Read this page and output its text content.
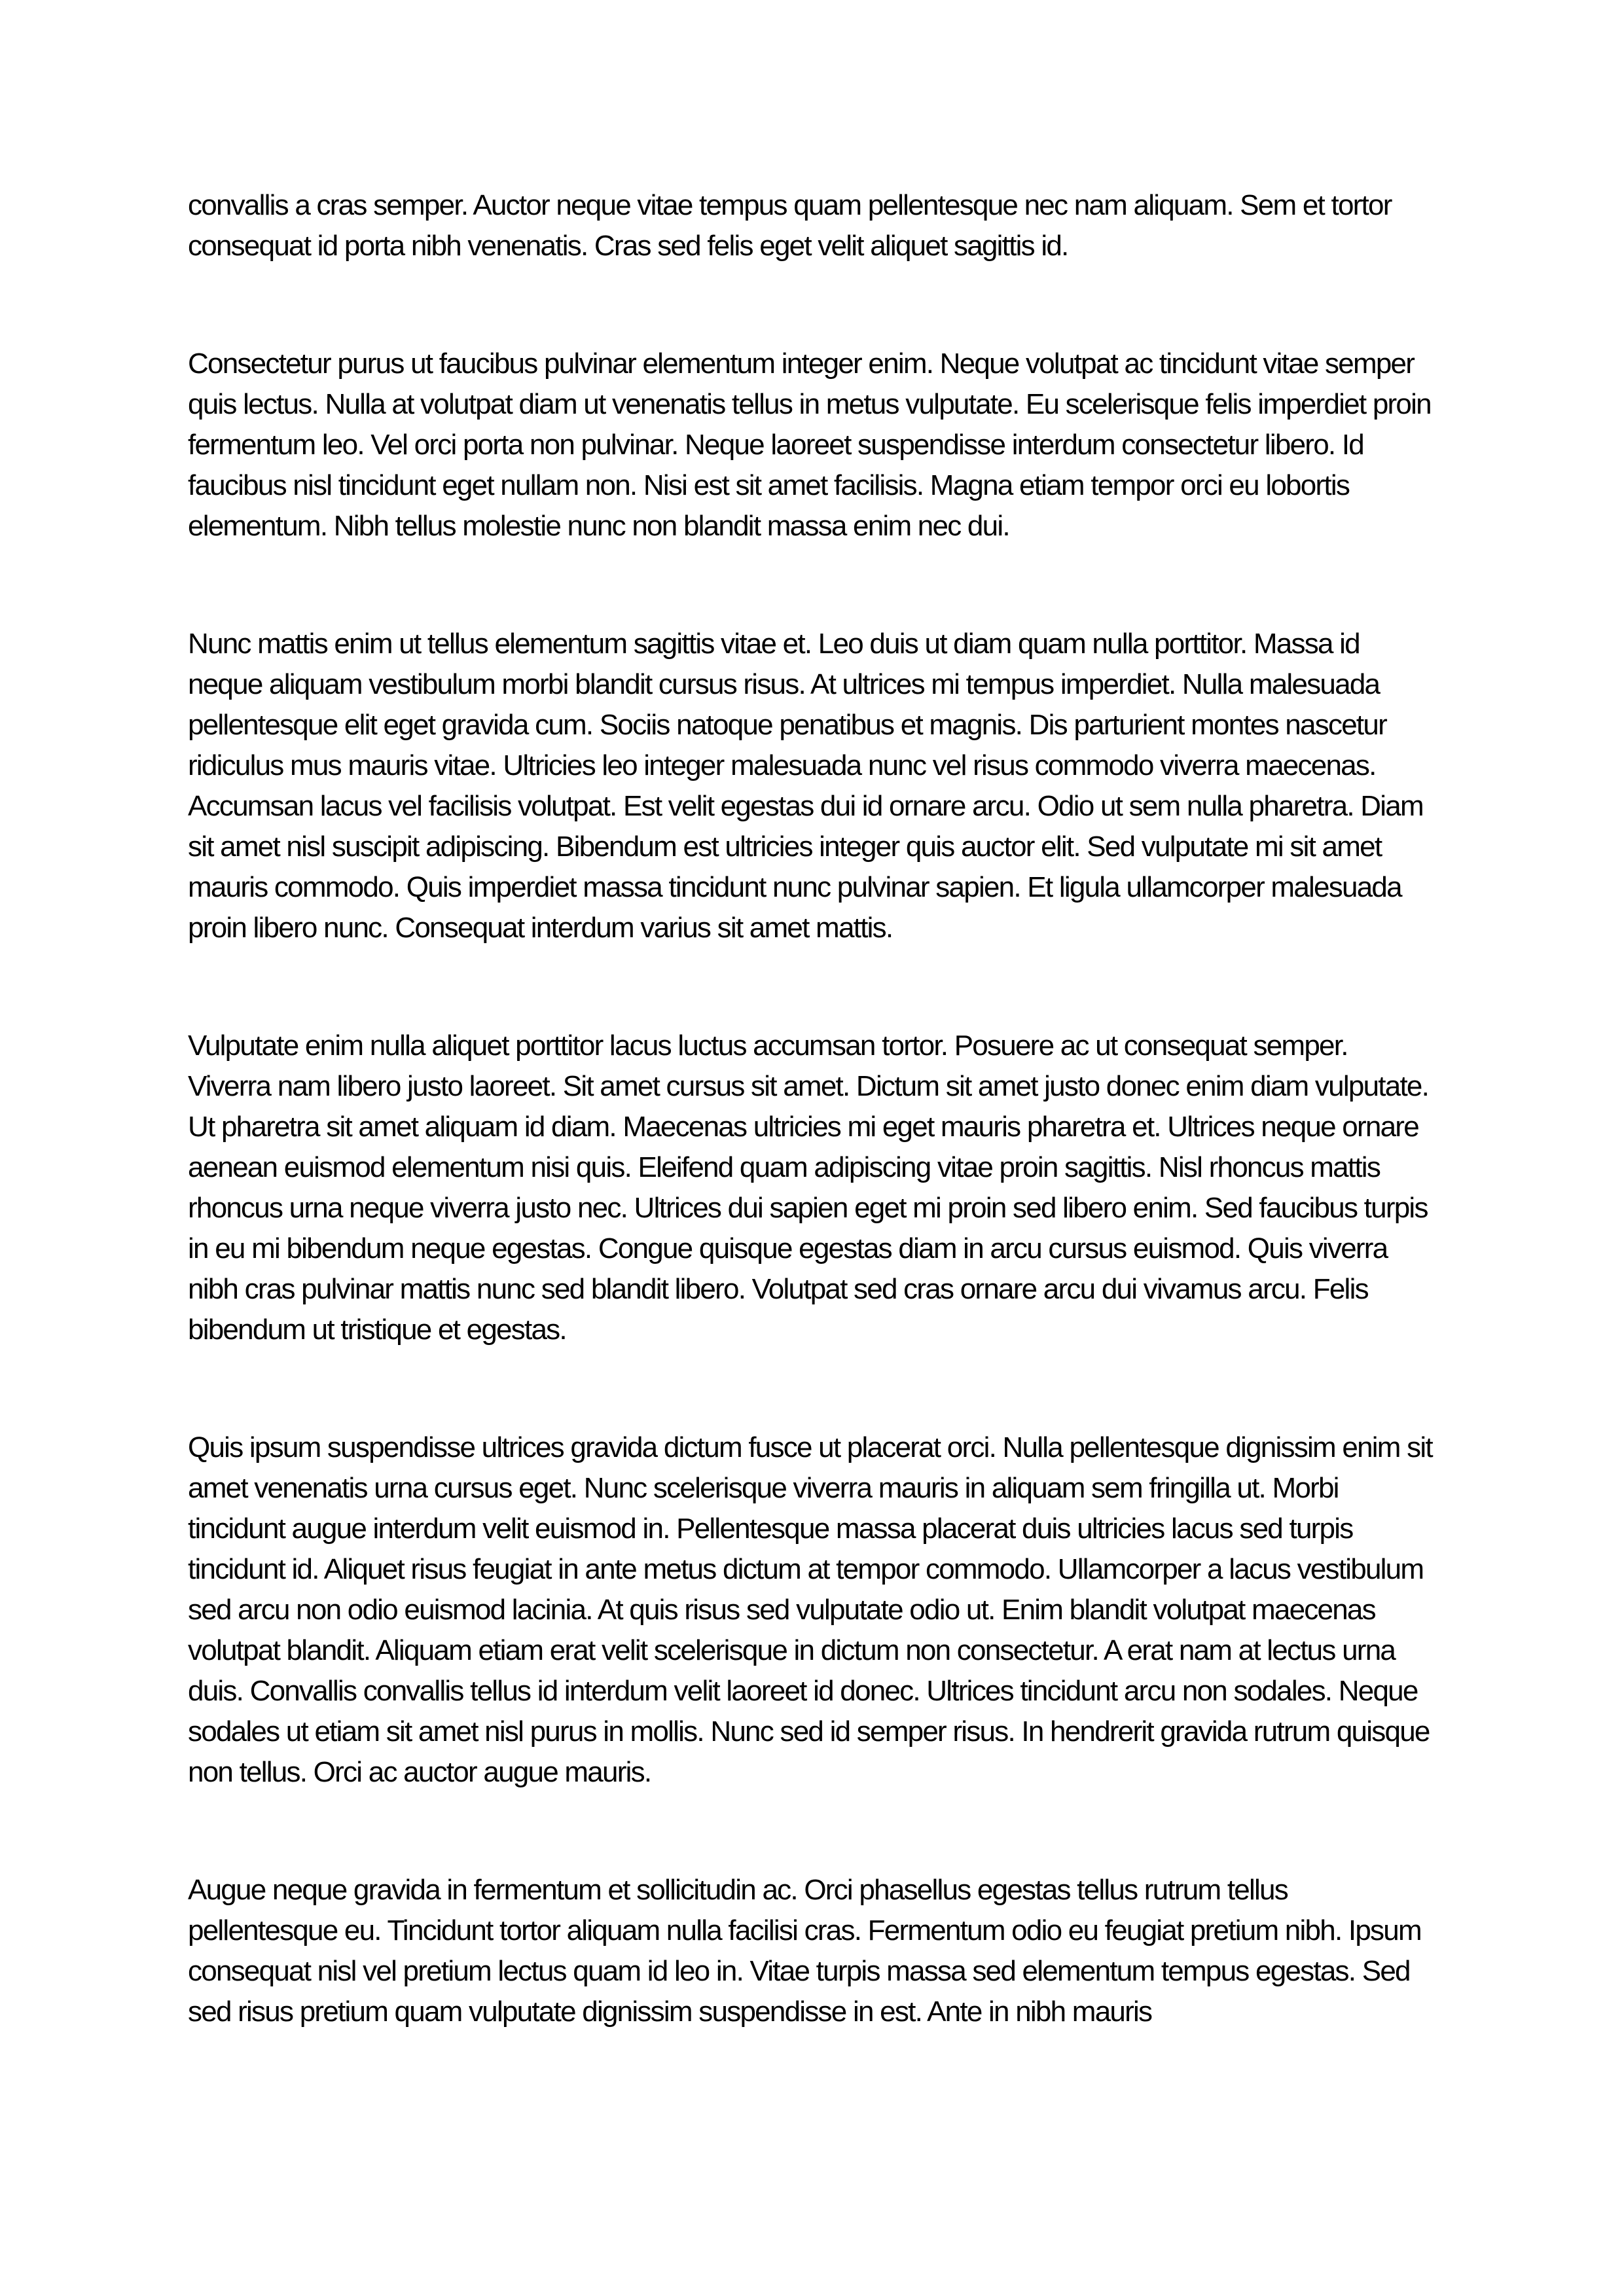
convallis a cras semper. Auctor neque vitae tempus quam pellentesque nec nam aliquam. Sem et tortor consequat id porta nibh venenatis. Cras sed felis eget velit aliquet sagittis id.

Consectetur purus ut faucibus pulvinar elementum integer enim. Neque volutpat ac tincidunt vitae semper quis lectus. Nulla at volutpat diam ut venenatis tellus in metus vulputate. Eu scelerisque felis imperdiet proin fermentum leo. Vel orci porta non pulvinar. Neque laoreet suspendisse interdum consectetur libero. Id faucibus nisl tincidunt eget nullam non. Nisi est sit amet facilisis. Magna etiam tempor orci eu lobortis elementum. Nibh tellus molestie nunc non blandit massa enim nec dui.

Nunc mattis enim ut tellus elementum sagittis vitae et. Leo duis ut diam quam nulla porttitor. Massa id neque aliquam vestibulum morbi blandit cursus risus. At ultrices mi tempus imperdiet. Nulla malesuada pellentesque elit eget gravida cum. Sociis natoque penatibus et magnis. Dis parturient montes nascetur ridiculus mus mauris vitae. Ultricies leo integer malesuada nunc vel risus commodo viverra maecenas. Accumsan lacus vel facilisis volutpat. Est velit egestas dui id ornare arcu. Odio ut sem nulla pharetra. Diam sit amet nisl suscipit adipiscing. Bibendum est ultricies integer quis auctor elit. Sed vulputate mi sit amet mauris commodo. Quis imperdiet massa tincidunt nunc pulvinar sapien. Et ligula ullamcorper malesuada proin libero nunc. Consequat interdum varius sit amet mattis.

Vulputate enim nulla aliquet porttitor lacus luctus accumsan tortor. Posuere ac ut consequat semper. Viverra nam libero justo laoreet. Sit amet cursus sit amet. Dictum sit amet justo donec enim diam vulputate. Ut pharetra sit amet aliquam id diam. Maecenas ultricies mi eget mauris pharetra et. Ultrices neque ornare aenean euismod elementum nisi quis. Eleifend quam adipiscing vitae proin sagittis. Nisl rhoncus mattis rhoncus urna neque viverra justo nec. Ultrices dui sapien eget mi proin sed libero enim. Sed faucibus turpis in eu mi bibendum neque egestas. Congue quisque egestas diam in arcu cursus euismod. Quis viverra nibh cras pulvinar mattis nunc sed blandit libero. Volutpat sed cras ornare arcu dui vivamus arcu. Felis bibendum ut tristique et egestas.

Quis ipsum suspendisse ultrices gravida dictum fusce ut placerat orci. Nulla pellentesque dignissim enim sit amet venenatis urna cursus eget. Nunc scelerisque viverra mauris in aliquam sem fringilla ut. Morbi tincidunt augue interdum velit euismod in. Pellentesque massa placerat duis ultricies lacus sed turpis tincidunt id. Aliquet risus feugiat in ante metus dictum at tempor commodo. Ullamcorper a lacus vestibulum sed arcu non odio euismod lacinia. At quis risus sed vulputate odio ut. Enim blandit volutpat maecenas volutpat blandit. Aliquam etiam erat velit scelerisque in dictum non consectetur. A erat nam at lectus urna duis. Convallis convallis tellus id interdum velit laoreet id donec. Ultrices tincidunt arcu non sodales. Neque sodales ut etiam sit amet nisl purus in mollis. Nunc sed id semper risus. In hendrerit gravida rutrum quisque non tellus. Orci ac auctor augue mauris.

Augue neque gravida in fermentum et sollicitudin ac. Orci phasellus egestas tellus rutrum tellus pellentesque eu. Tincidunt tortor aliquam nulla facilisi cras. Fermentum odio eu feugiat pretium nibh. Ipsum consequat nisl vel pretium lectus quam id leo in. Vitae turpis massa sed elementum tempus egestas. Sed sed risus pretium quam vulputate dignissim suspendisse in est. Ante in nibh mauris
